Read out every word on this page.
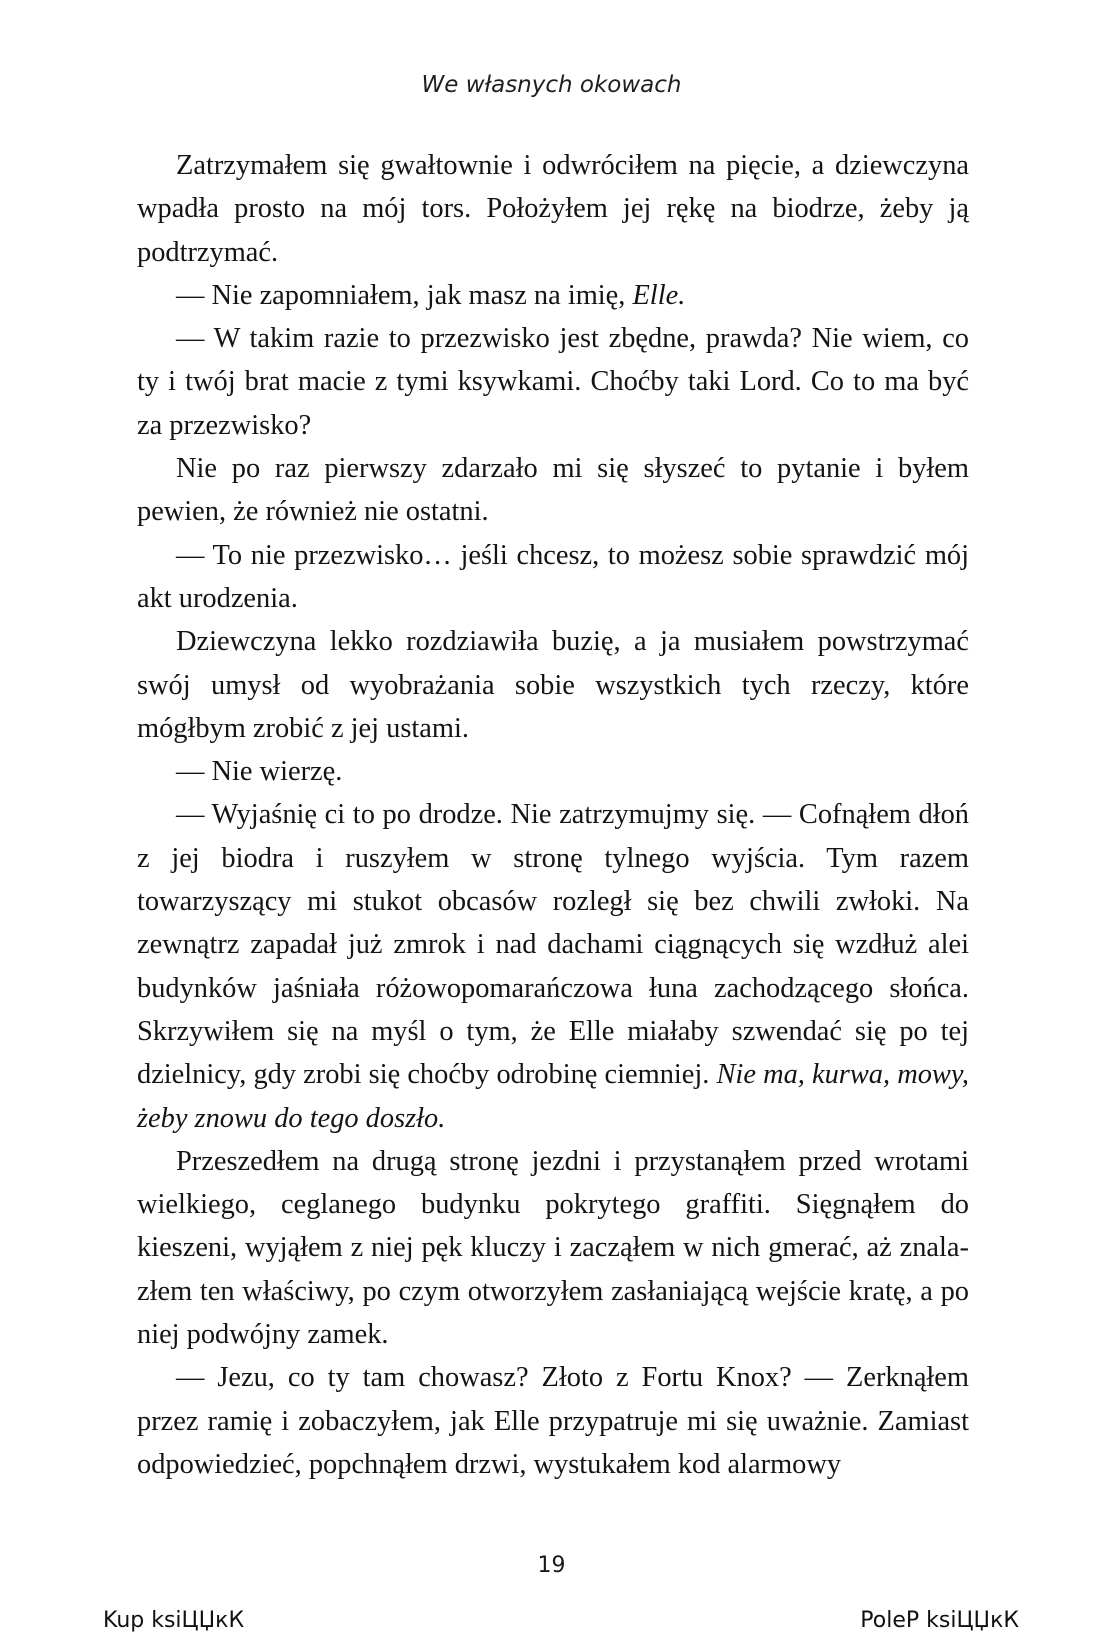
We własnych okowach

Zatrzymałem się gwałtownie i odwróciłem na pięcie, a dziewczyna wpadła prosto na mój tors. Położyłem jej rękę na biodrze, żeby ją podtrzymać.

— Nie zapomniałem, jak masz na imię, Elle.

— W takim razie to przezwisko jest zbędne, prawda? Nie wiem, co ty i twój brat macie z tymi ksywkami. Choćby taki Lord. Co to ma być za przezwisko?

Nie po raz pierwszy zdarzało mi się słyszeć to pytanie i byłem pewien, że również nie ostatni.

— To nie przezwisko… jeśli chcesz, to możesz sobie sprawdzić mój akt urodzenia.

Dziewczyna lekko rozdziawiła buzię, a ja musiałem powstrzymać swój umysł od wyobrażania sobie wszystkich tych rzeczy, które mógłbym zrobić z jej ustami.

— Nie wierzę.

— Wyjaśnię ci to po drodze. Nie zatrzymujmy się. — Cofnąłem dłoń z jej biodra i ruszyłem w stronę tylnego wyjścia. Tym razem towarzyszący mi stukot obcasów rozległ się bez chwili zwłoki. Na zewnątrz zapadał już zmrok i nad dachami ciągnących się wzdłuż alei budynków jaśniała różowopomarańczowa łuna zachodzącego słońca. Skrzywiłem się na myśl o tym, że Elle miałaby szwendać się po tej dzielnicy, gdy zrobi się choćby odrobinę ciemniej. Nie ma, kurwa, mowy, żeby znowu do tego doszło.

Przeszedłem na drugą stronę jezdni i przystanąłem przed wrotami wielkiego, ceglanego budynku pokrytego graffiti. Sięgnąłem do kieszeni, wyjąłem z niej pęk kluczy i zacząłem w nich gmerać, aż znalazłem ten właściwy, po czym otworzyłem zasłaniającą wejście kratę, a po niej podwójny zamek.

— Jezu, co ty tam chowasz? Złoto z Fortu Knox? — Zerknąłem przez ramię i zobaczyłem, jak Elle przypatruje mi się uważnie. Zamiast odpowiedzieć, popchnąłem drzwi, wystukałem kod alarmowy

19
Kup ksiЦЏкК	PoleР ksiЦЏкК
